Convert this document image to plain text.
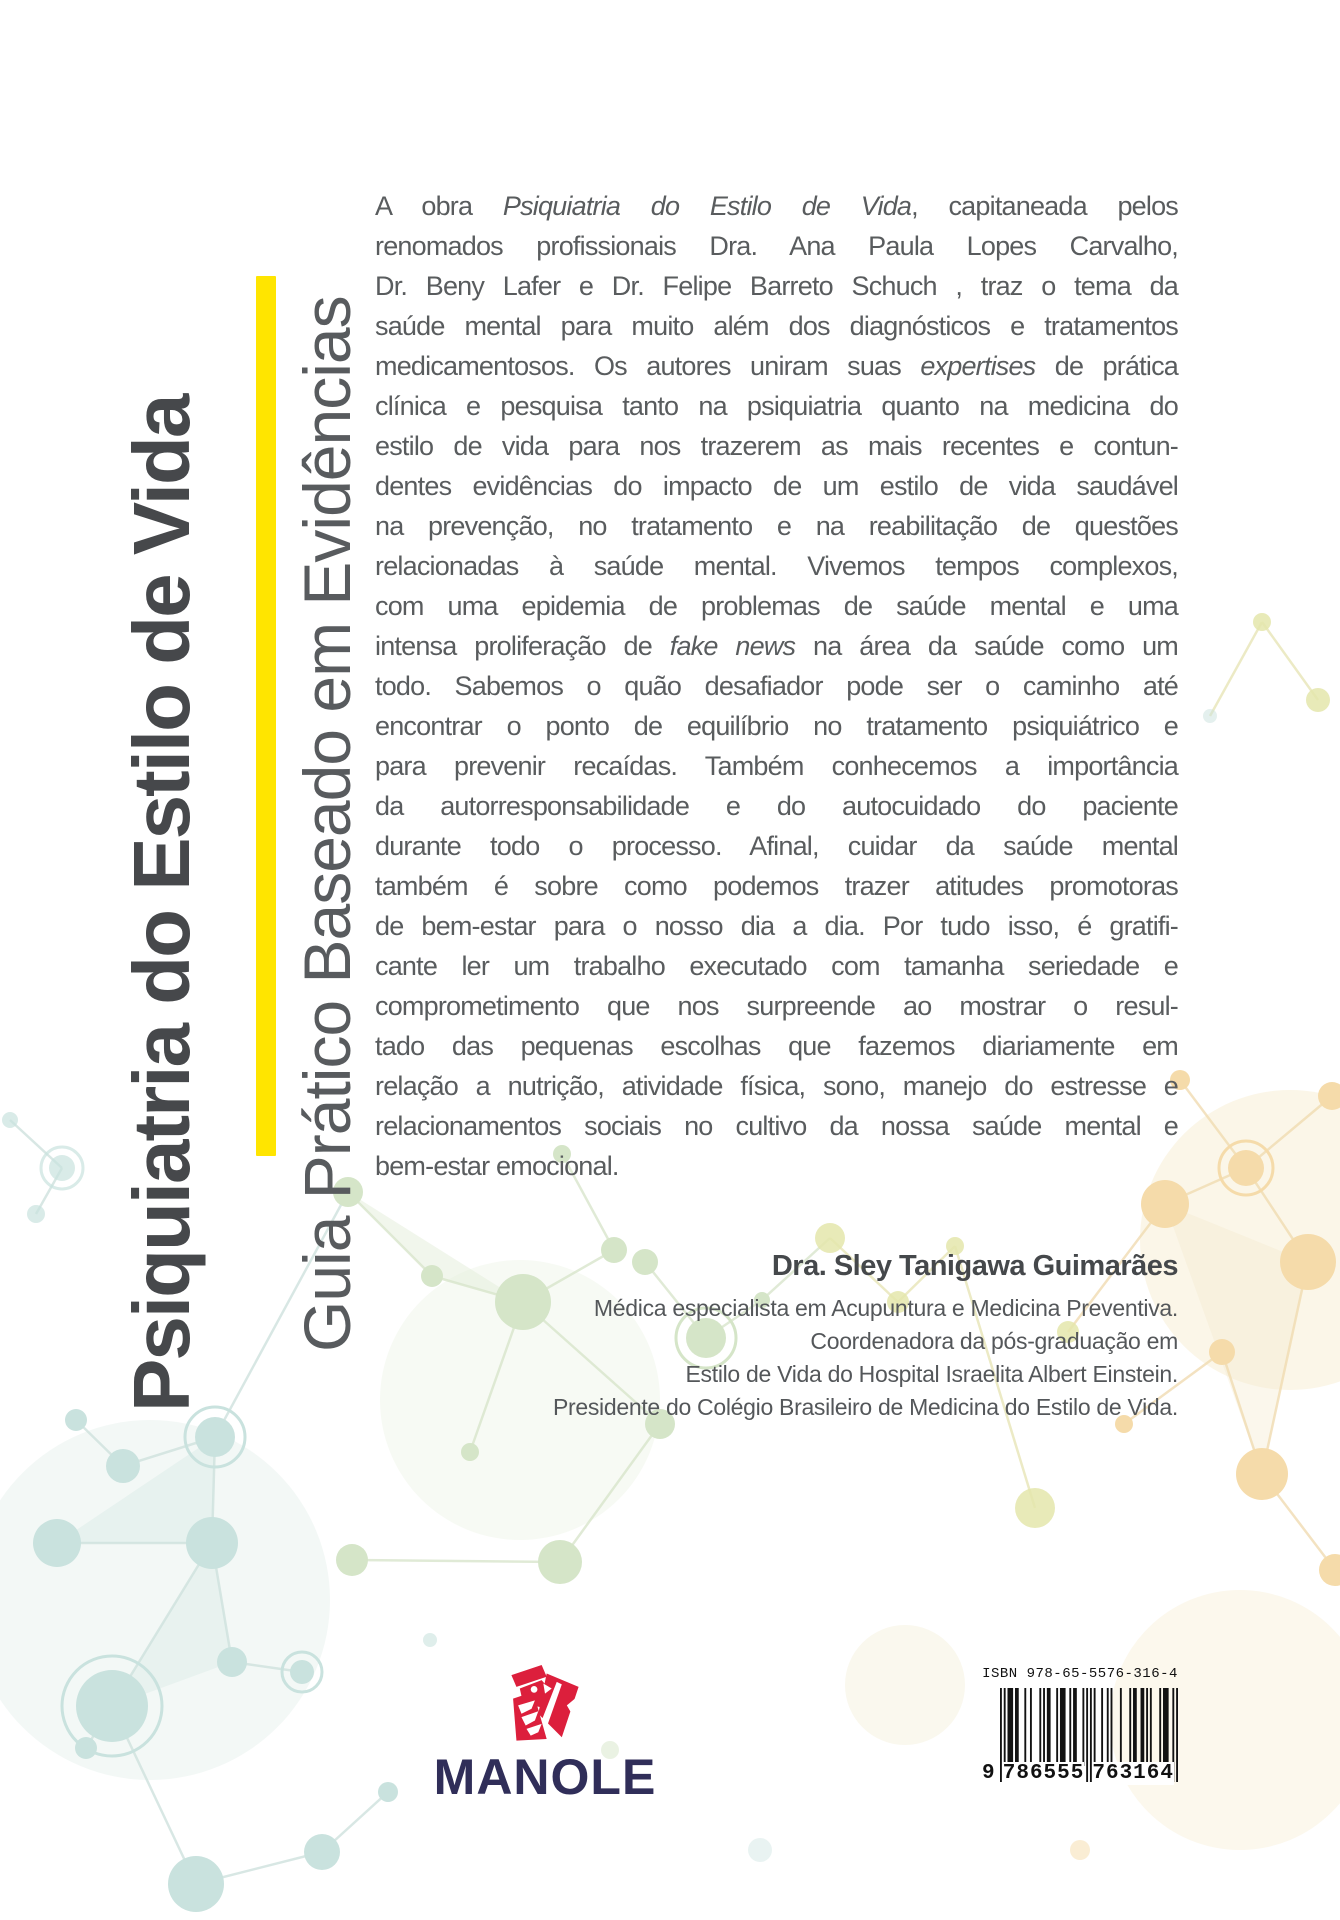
Psiquiatria do Estilo de Vida Guia Prático Baseado em Evidências
A obra Psiquiatria do Estilo de Vida, capitaneada pelos
renomados profissionais Dra. Ana Paula Lopes Carvalho,
Dr. Beny Lafer e Dr. Felipe Barreto Schuch , traz o tema da
saúde mental para muito além dos diagnósticos e tratamentos
medicamentosos. Os autores uniram suas expertises de prática
clínica e pesquisa tanto na psiquiatria quanto na medicina do
estilo de vida para nos trazerem as mais recentes e contun-
dentes evidências do impacto de um estilo de vida saudável
na prevenção, no tratamento e na reabilitação de questões
relacionadas à saúde mental. Vivemos tempos complexos,
com uma epidemia de problemas de saúde mental e uma
intensa proliferação de fake news na área da saúde como um
todo. Sabemos o quão desafiador pode ser o caminho até
encontrar o ponto de equilíbrio no tratamento psiquiátrico e
para prevenir recaídas. Também conhecemos a importância
da autorresponsabilidade e do autocuidado do paciente
durante todo o processo. Afinal, cuidar da saúde mental
também é sobre como podemos trazer atitudes promotoras
de bem-estar para o nosso dia a dia. Por tudo isso, é gratifi-
cante ler um trabalho executado com tamanha seriedade e
comprometimento que nos surpreende ao mostrar o resul-
tado das pequenas escolhas que fazemos diariamente em
relação a nutrição, atividade física, sono, manejo do estresse e
relacionamentos sociais no cultivo da nossa saúde mental e
bem-estar emocional.
Dra. Sley Tanigawa Guimarães
Médica especialista em Acupuntura e Medicina Preventiva.
Coordenadora da pós-graduação em
Estilo de Vida do Hospital Israelita Albert Einstein.
Presidente do Colégio Brasileiro de Medicina do Estilo de Vida.
MANOLE
ISBN 978-65-5576-316-4
9 786555 763164
